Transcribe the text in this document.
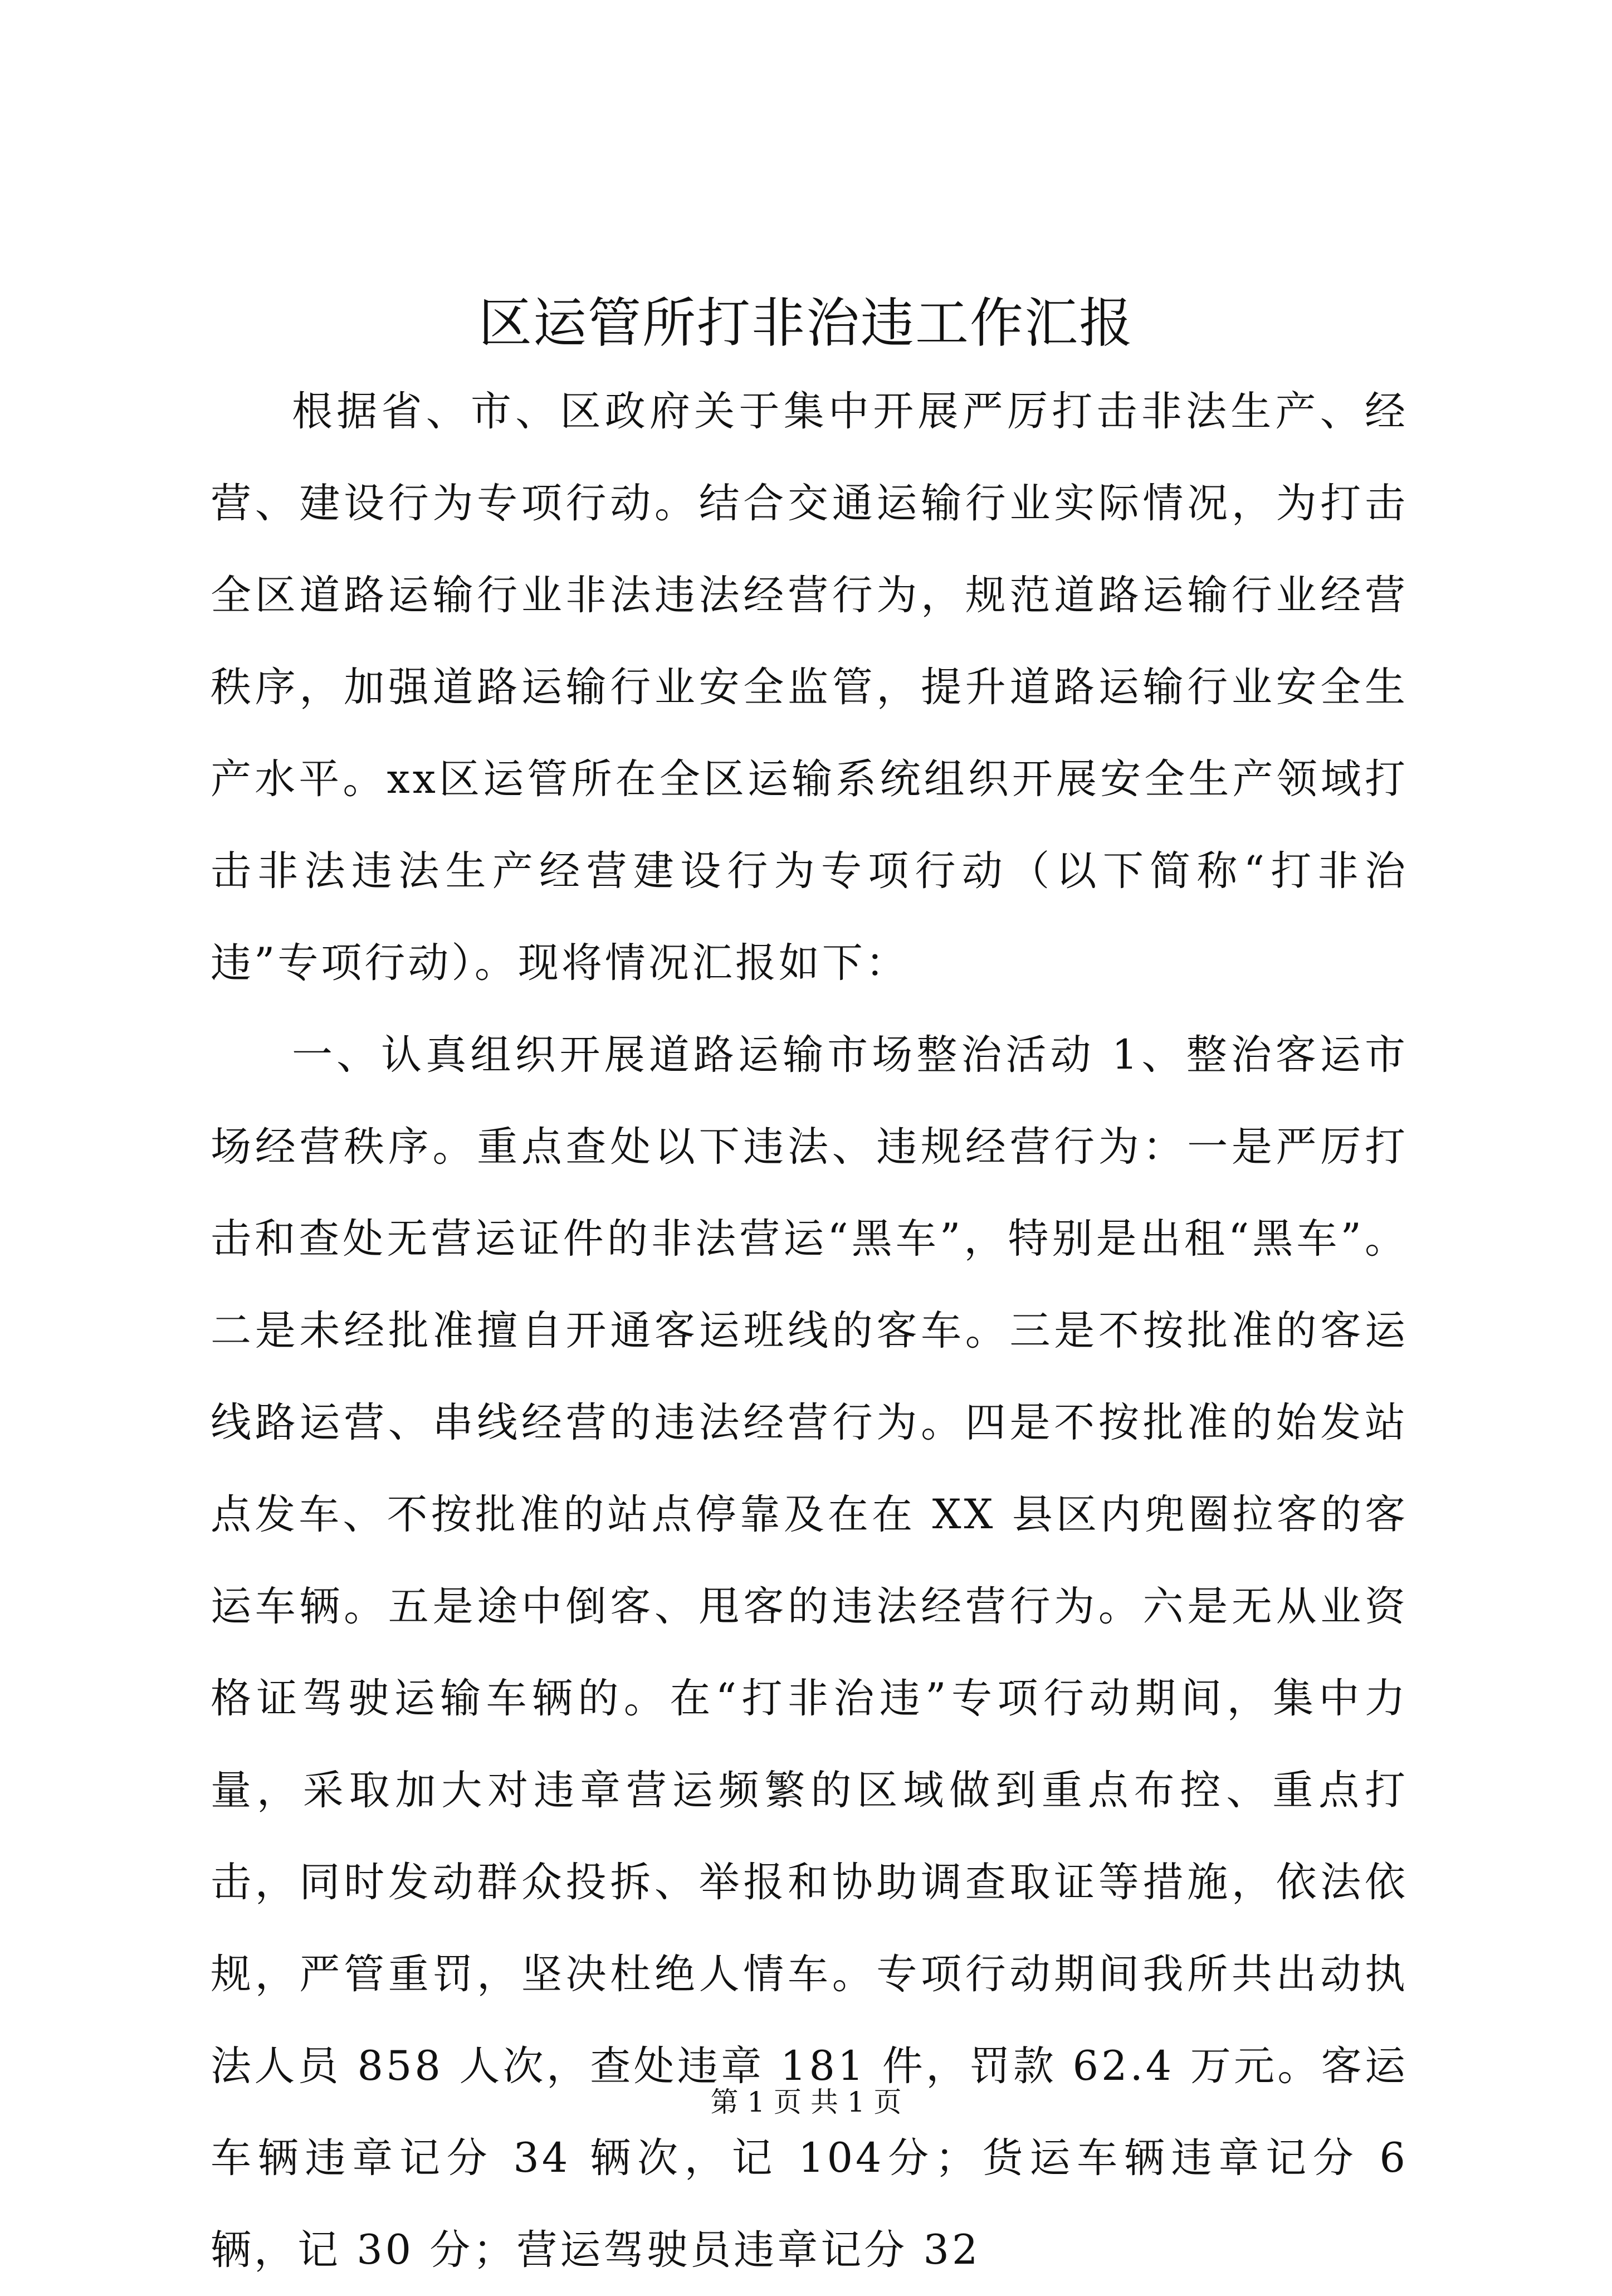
区运管所打非治违工作汇报

根据省、市、区政府关于集中开展严厉打击非法生产、经营、建设行为专项行动。结合交通运输行业实际情况，为打击全区道路运输行业非法违法经营行为，规范道路运输行业经营秩序，加强道路运输行业安全监管，提升道路运输行业安全生产水平。xx区运管所在全区运输系统组织开展安全生产领域打击非法违法生产经营建设行为专项行动（以下简称“打非治违”专项行动）。现将情况汇报如下：

一、认真组织开展道路运输市场整治活动 1、整治客运市场经营秩序。重点查处以下违法、违规经营行为：一是严厉打击和查处无营运证件的非法营运“黑车”，特别是出租“黑车”。二是未经批准擅自开通客运班线的客车。三是不按批准的客运线路运营、串线经营的违法经营行为。四是不按批准的始发站点发车、不按批准的站点停靠及在在 XX 县区内兜圈拉客的客运车辆。五是途中倒客、甩客的违法经营行为。六是无从业资格证驾驶运输车辆的。在“打非治违”专项行动期间，集中力量，采取加大对违章营运频繁的区域做到重点布控、重点打击，同时发动群众投拆、举报和协助调查取证等措施，依法依规，严管重罚，坚决杜绝人情车。专项行动期间我所共出动执法人员 858 人次，查处违章 181 件，罚款 62.4 万元。客运车辆违章记分 34 辆次，记 104分；货运车辆违章记分 6 辆，记 30 分；营运驾驶员违章记分 32

第 1 页 共 1 页
